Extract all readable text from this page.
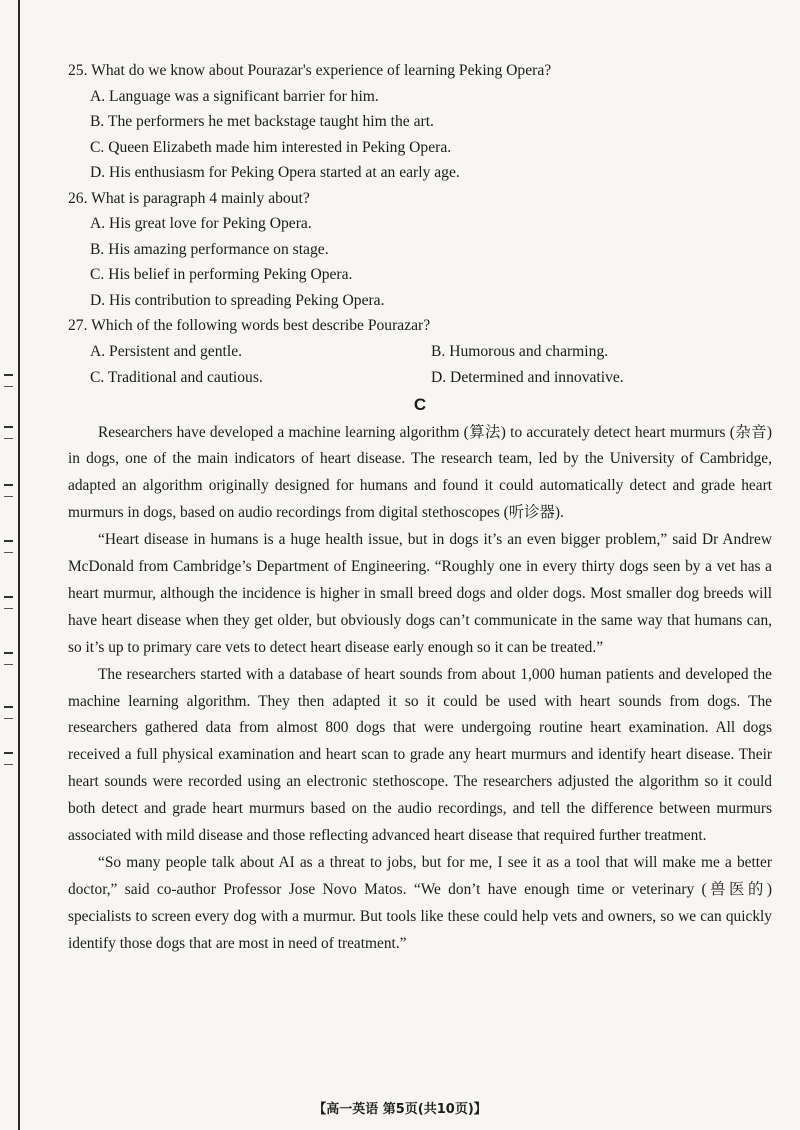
25. What do we know about Pourazar's experience of learning Peking Opera?

A. Language was a significant barrier for him.

B. The performers he met backstage taught him the art.

C. Queen Elizabeth made him interested in Peking Opera.

D. His enthusiasm for Peking Opera started at an early age.

26. What is paragraph 4 mainly about?

A. His great love for Peking Opera.

B. His amazing performance on stage.

C. His belief in performing Peking Opera.

D. His contribution to spreading Peking Opera.

27. Which of the following words best describe Pourazar?

A. Persistent and gentle.	B. Humorous and charming.
C. Traditional and cautious.	D. Determined and innovative.
C

Researchers have developed a machine learning algorithm (算法) to accurately detect heart murmurs (杂音) in dogs, one of the main indicators of heart disease. The research team, led by the University of Cambridge, adapted an algorithm originally designed for humans and found it could automatically detect and grade heart murmurs in dogs, based on audio recordings from digital stethoscopes (听诊器).

“Heart disease in humans is a huge health issue, but in dogs it’s an even bigger problem,” said Dr Andrew McDonald from Cambridge’s Department of Engineering. “Roughly one in every thirty dogs seen by a vet has a heart murmur, although the incidence is higher in small breed dogs and older dogs. Most smaller dog breeds will have heart disease when they get older, but obviously dogs can’t communicate in the same way that humans can, so it’s up to primary care vets to detect heart disease early enough so it can be treated.”

The researchers started with a database of heart sounds from about 1,000 human patients and developed the machine learning algorithm. They then adapted it so it could be used with heart sounds from dogs. The researchers gathered data from almost 800 dogs that were undergoing routine heart examination. All dogs received a full physical examination and heart scan to grade any heart murmurs and identify heart disease. Their heart sounds were recorded using an electronic stethoscope. The researchers adjusted the algorithm so it could both detect and grade heart murmurs based on the audio recordings, and tell the difference between murmurs associated with mild disease and those reflecting advanced heart disease that required further treatment.

“So many people talk about AI as a threat to jobs, but for me, I see it as a tool that will make me a better doctor,” said co-author Professor Jose Novo Matos. “We don’t have enough time or veterinary (兽医的) specialists to screen every dog with a murmur. But tools like these could help vets and owners, so we can quickly identify those dogs that are most in need of treatment.”

【高一英语 第5页(共10页)】
